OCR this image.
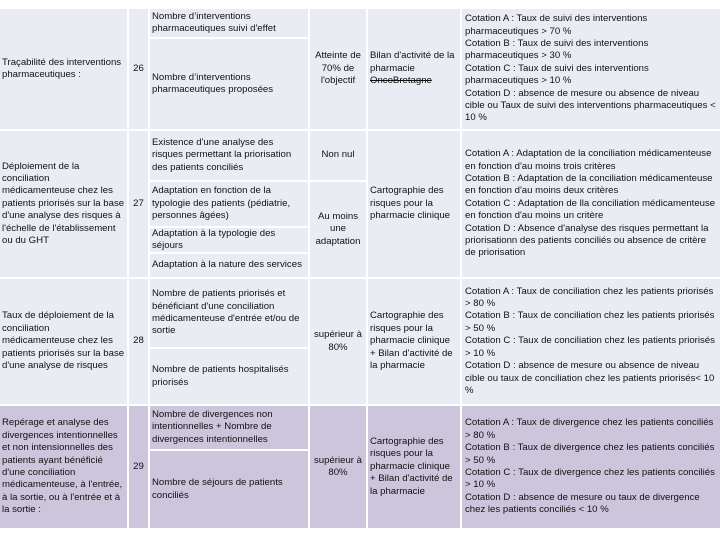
Traçabilité des interventions pharmaceutiques :
26
Nombre d’interventions pharmaceutiques suivi d'effet
Nombre d’interventions pharmaceutiques proposées
Atteinte de 70% de l'objectif
Bilan d'activité de la pharmacie
OncoBretagne
Cotation A : Taux de suivi des interventions pharmaceutiques > 70 %
Cotation B : Taux de suivi des interventions pharmaceutiques > 30 %
Cotation C : Taux de suivi des interventions pharmaceutiques > 10 %
Cotation D : absence de mesure ou absence de niveau cible ou Taux de suivi des interventions pharmaceutiques < 10 %
Déploiement de la conciliation médicamenteuse chez les patients priorisés sur la base d'une analyse des risques à l'échelle de l'établissement ou du GHT
27
Existence d'une analyse des risques permettant la priorisation des patients conciliés
Adaptation en fonction de la typologie des patients (pédiatrie, personnes âgées)
Adaptation à la typologie des séjours
Adaptation à la nature des services
Non nul
Au moins une adaptation
Cartographie des risques pour la pharmacie clinique
Cotation A : Adaptation de la conciliation médicamenteuse en fonction d'au moins trois critères
Cotation B : Adaptation de la conciliation médicamenteuse en fonction d'au moins deux critères
Cotation C : Adaptation de lla conciliation médicamenteuse en fonction d'au moins un critère
Cotation D : Absence d'analyse des risques permettant la priorisationn des patients conciliés ou absence de critère de priorisation
Taux de déploiement de la conciliation médicamenteuse chez les patients priorisés sur la base d'une analyse de risques
28
Nombre de patients priorisés et bénéficiant d'une conciliation médicamenteuse d'entrée et/ou de sortie
Nombre de patients hospitalisés priorisés
supérieur à 80%
Cartographie des risques pour la pharmacie clinique + Bilan d'activité de la pharmacie
Cotation A : Taux de conciliation chez les patients priorisés > 80 %
Cotation B : Taux de conciliation chez les patients priorisés > 50 %
Cotation C : Taux de conciliation chez les patients priorisés > 10 %
Cotation D : absence de mesure ou absence de niveau cible ou taux de conciliation chez les patients priorisés< 10 %
Repérage et analyse des divergences intentionnelles et non intensionnelles des patients ayant bénéficié d'une conciliation médicamenteuse, à l'entrée, à la sortie, ou à l'entrée et à la sortie :
29
Nombre de divergences non intentionnelles + Nombre de divergences intentionnelles
Nombre de séjours de patients conciliés
supérieur à 80%
Cartographie des risques pour la pharmacie clinique + Bilan d'activité de la pharmacie
Cotation A : Taux de divergence chez les patients conciliés > 80 %
Cotation B : Taux de divergence chez les patients conciliés > 50 %
Cotation C : Taux de divergence chez les patients conciliés > 10 %
Cotation D : absence de mesure ou taux de divergence chez les patients conciliés < 10 %
